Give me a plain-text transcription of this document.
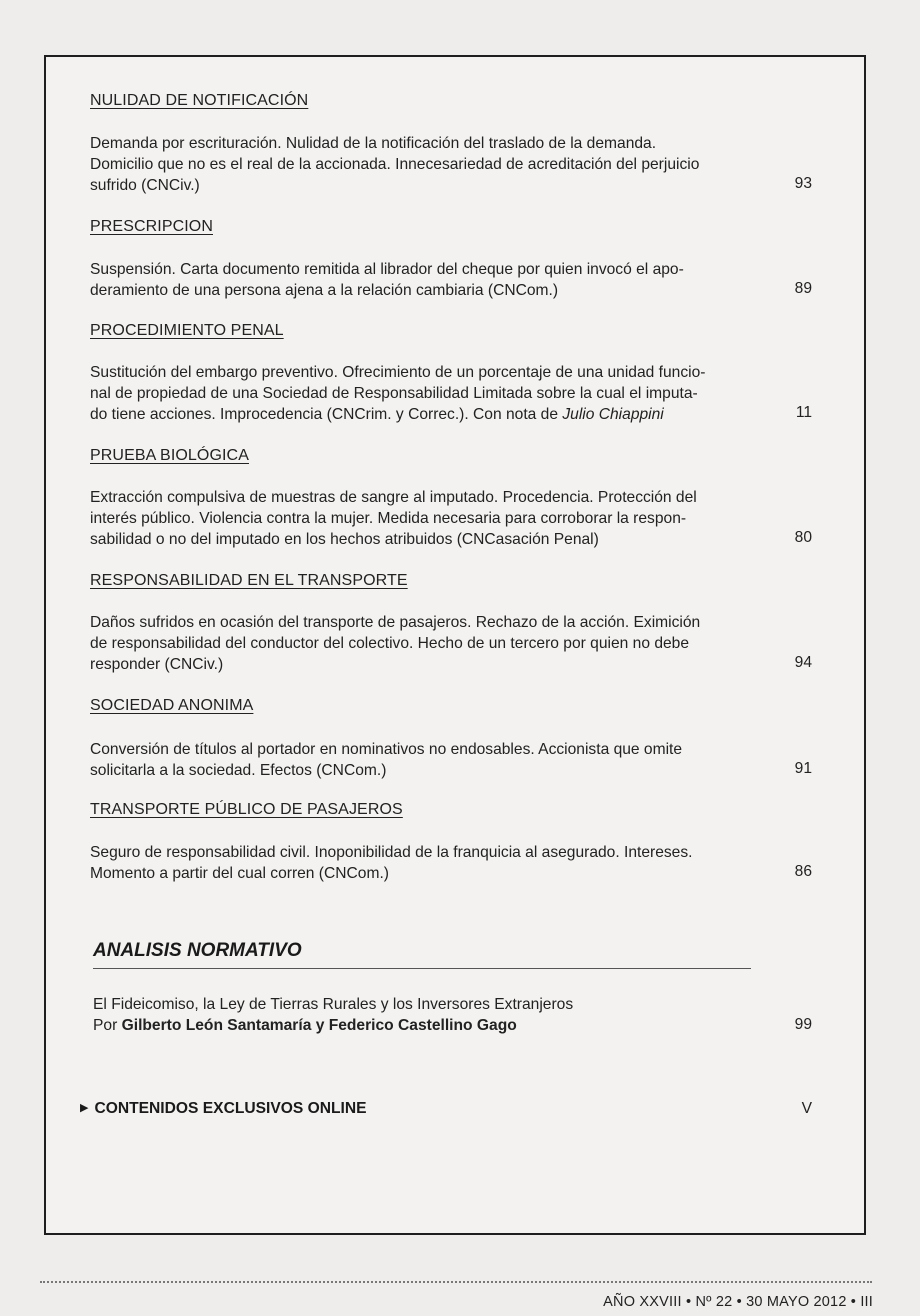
NULIDAD DE NOTIFICACIÓN
Demanda por escrituración. Nulidad de la notificación del traslado de la demanda.
Domicilio que no es el real de la accionada. Innecesariedad de acreditación del perjuicio
sufrido (CNCiv.)	93
PRESCRIPCION
Suspensión. Carta documento remitida al librador del cheque por quien invocó el apo-
deramiento de una persona ajena a la relación cambiaria (CNCom.)	89
PROCEDIMIENTO PENAL
Sustitución del embargo preventivo. Ofrecimiento de un porcentaje de una unidad funcio-
nal de propiedad de una Sociedad de Responsabilidad Limitada sobre la cual el imputa-
do tiene acciones. Improcedencia (CNCrim. y Correc.). Con nota de Julio Chiappini	11
PRUEBA BIOLÓGICA
Extracción compulsiva de muestras de sangre al imputado. Procedencia. Protección del
interés público. Violencia contra la mujer. Medida necesaria para corroborar la respon-
sabilidad o no del imputado en los hechos atribuidos (CNCasación Penal)	80
RESPONSABILIDAD EN EL TRANSPORTE
Daños sufridos en ocasión del transporte de pasajeros. Rechazo de la acción. Eximición
de responsabilidad del conductor del colectivo. Hecho de un tercero por quien no debe
responder (CNCiv.)	94
SOCIEDAD ANONIMA
Conversión de títulos al portador en nominativos no endosables. Accionista que omite
solicitarla a la sociedad. Efectos (CNCom.)	91
TRANSPORTE PÚBLICO DE PASAJEROS
Seguro de responsabilidad civil. Inoponibilidad de la franquicia al asegurado. Intereses.
Momento a partir del cual corren (CNCom.)	86
ANALISIS NORMATIVO
El Fideicomiso, la Ley de Tierras Rurales y los Inversores Extranjeros
Por Gilberto León Santamaría y Federico Castellino Gago	99
▶ CONTENIDOS EXCLUSIVOS ONLINE	V
AÑO XXVIII • Nº 22 • 30 MAYO 2012 • III
